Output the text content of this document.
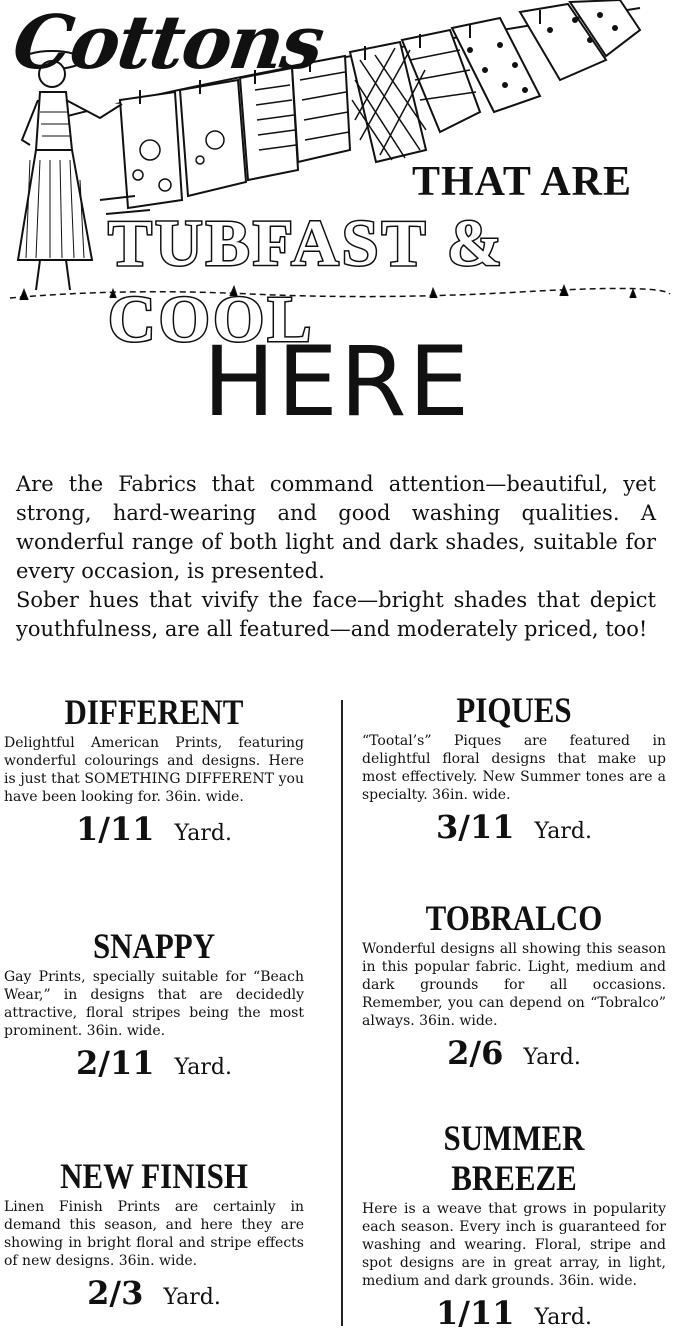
Cottons
THAT ARE
TUBFAST & COOL
HERE

Are the Fabrics that command attention—beautiful, yet strong, hard-wearing and good washing qualities. A wonderful range of both light and dark shades, suitable for every occasion, is presented.

Sober hues that vivify the face—bright shades that depict youthfulness, are all featured—and moderately priced, too!

DIFFERENT
Delightful American Prints, featuring wonderful colourings and designs. Here is just that SOMETHING DIFFERENT you have been looking for. 36in. wide.
1/11 Yard.
SNAPPY
Gay Prints, specially suitable for “Beach Wear,” in designs that are decidedly attractive, floral stripes being the most prominent. 36in. wide.
2/11 Yard.
NEW FINISH
Linen Finish Prints are certainly in demand this season, and here they are showing in bright floral and stripe effects of new designs. 36in. wide.
2/3 Yard.
PIQUES
“Tootal’s” Piques are featured in delightful floral designs that make up most effectively. New Summer tones are a specialty. 36in. wide.
3/11 Yard.
TOBRALCO
Wonderful designs all showing this season in this popular fabric. Light, medium and dark grounds for all occasions. Remember, you can depend on “Tobralco” always. 36in. wide.
2/6 Yard.
SUMMER BREEZE
Here is a weave that grows in popularity each season. Every inch is guaranteed for washing and wearing. Floral, stripe and spot designs are in great array, in light, medium and dark grounds. 36in. wide.
1/11 Yard.
